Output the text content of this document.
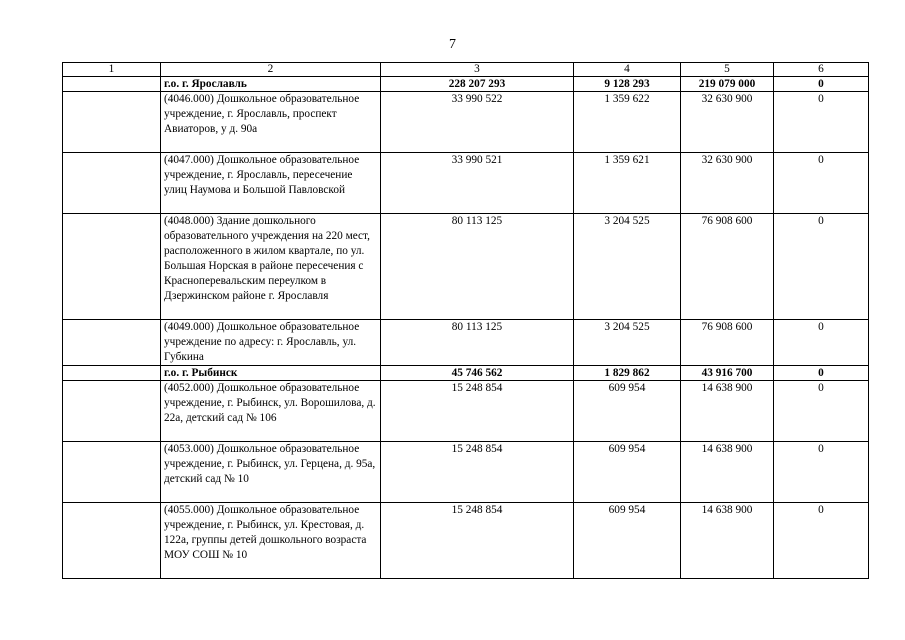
7
1	2	3	4	5	6
	г.о. г. Ярославль	228 207 293	9 128 293	219 079 000	0
	(4046.000) Дошкольное образовательное учреждение, г. Ярославль, проспект Авиаторов, у д. 90а	33 990 522	1 359 622	32 630 900	0
	(4047.000) Дошкольное образовательное учреждение, г. Ярославль, пересечение улиц Наумова и Большой Павловской	33 990 521	1 359 621	32 630 900	0
	(4048.000) Здание дошкольного образовательного учреждения на 220 мест, расположенного в жилом квартале, по ул. Большая Норская в районе пересечения с Красноперевальским переулком в Дзержинском районе г. Ярославля	80 113 125	3 204 525	76 908 600	0
	(4049.000) Дошкольное образовательное учреждение по адресу: г. Ярославль, ул. Губкина	80 113 125	3 204 525	76 908 600	0
	г.о. г. Рыбинск	45 746 562	1 829 862	43 916 700	0
	(4052.000) Дошкольное образовательное учреждение, г. Рыбинск, ул. Ворошилова, д. 22а, детский сад № 106	15 248 854	609 954	14 638 900	0
	(4053.000) Дошкольное образовательное учреждение, г. Рыбинск, ул. Герцена, д. 95а, детский сад № 10	15 248 854	609 954	14 638 900	0
	(4055.000) Дошкольное образовательное учреждение, г. Рыбинск, ул. Крестовая, д. 122а, группы детей дошкольного возраста МОУ СОШ № 10	15 248 854	609 954	14 638 900	0
